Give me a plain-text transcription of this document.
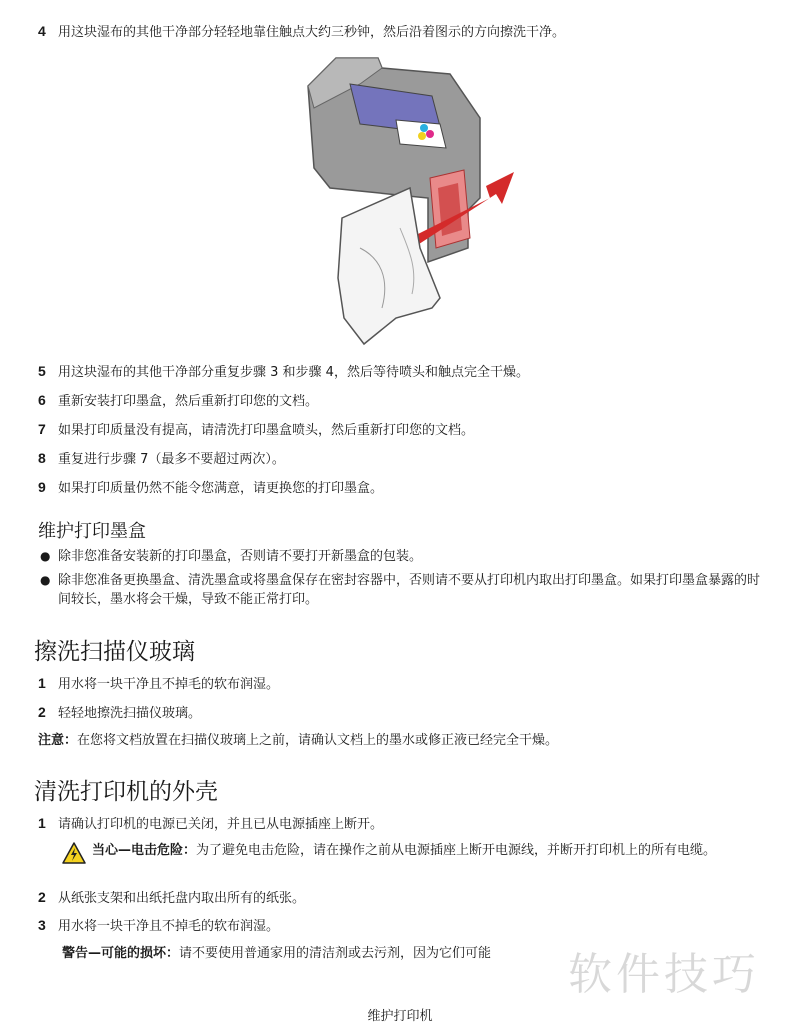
4 用这块湿布的其他干净部分轻轻地靠住触点大约三秒钟，然后沿着图示的方向擦洗干净。
5 用这块湿布的其他干净部分重复步骤 3 和步骤 4，然后等待喷头和触点完全干燥。
6 重新安装打印墨盒，然后重新打印您的文档。
7 如果打印质量没有提高，请清洗打印墨盒喷头，然后重新打印您的文档。
8 重复进行步骤 7（最多不要超过两次）。
9 如果打印质量仍然不能令您满意，请更换您的打印墨盒。
维护打印墨盒
● 除非您准备安装新的打印墨盒，否则请不要打开新墨盒的包装。
● 除非您准备更换墨盒、清洗墨盒或将墨盒保存在密封容器中，否则请不要从打印机内取出打印墨盒。如果打印墨盒暴露的时间较长，墨水将会干燥，导致不能正常打印。
擦洗扫描仪玻璃
1 用水将一块干净且不掉毛的软布润湿。
2 轻轻地擦洗扫描仪玻璃。
注意：在您将文档放置在扫描仪玻璃上之前，请确认文档上的墨水或修正液已经完全干燥。
清洗打印机的外壳
1 请确认打印机的电源已关闭，并且已从电源插座上断开。
当心—电击危险：为了避免电击危险，请在操作之前从电源插座上断开电源线，并断开打印机上的所有电缆。
2 从纸张支架和出纸托盘内取出所有的纸张。
3 用水将一块干净且不掉毛的软布润湿。
警告—可能的损坏：请不要使用普通家用的清洁剂或去污剂，因为它们可能	软件技巧
维护打印机
